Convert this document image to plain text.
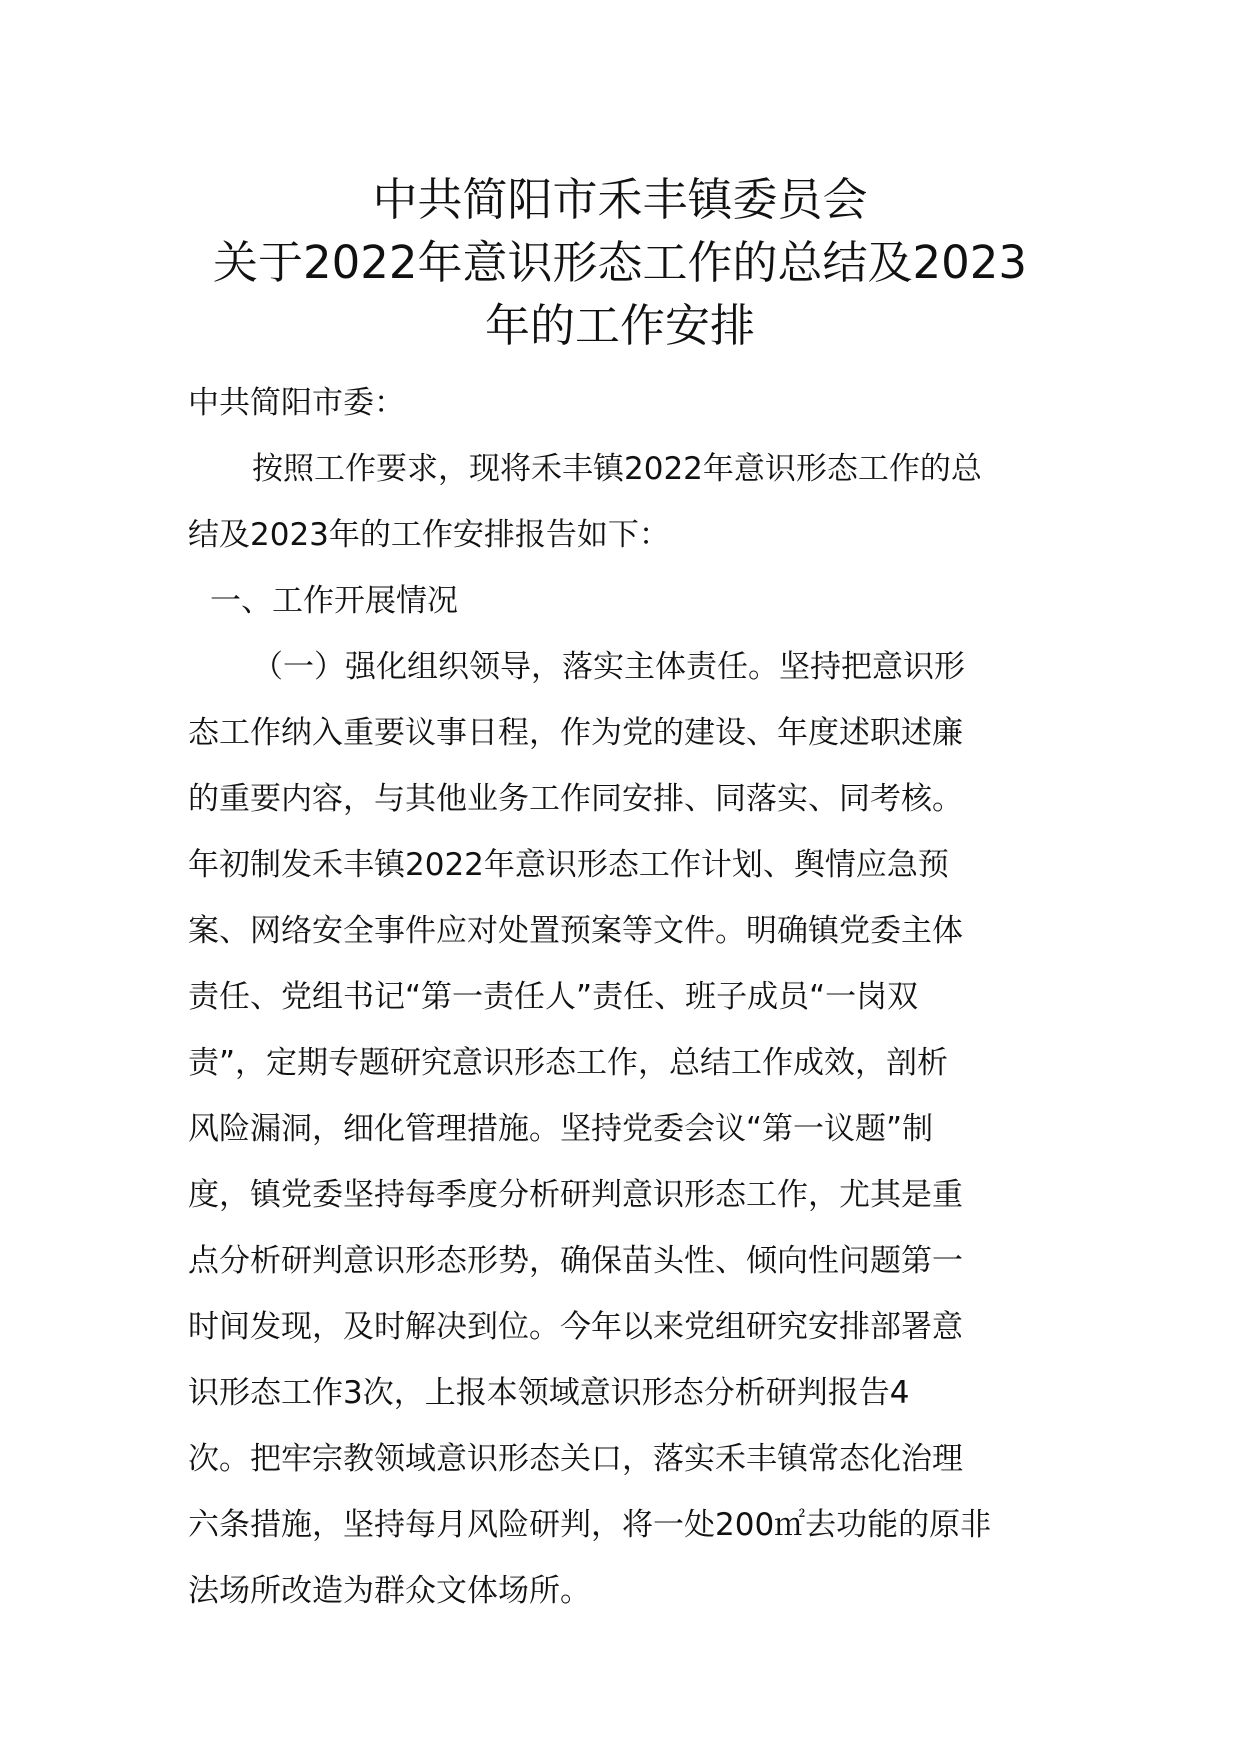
中共简阳市禾丰镇委员会
关于2022年意识形态工作的总结及2023
年的工作安排
中共简阳市委：
按照工作要求，现将禾丰镇2022年意识形态工作的总
结及2023年的工作安排报告如下：
一、工作开展情况
（一）强化组织领导，落实主体责任。坚持把意识形
态工作纳入重要议事日程，作为党的建设、年度述职述廉
的重要内容，与其他业务工作同安排、同落实、同考核。
年初制发禾丰镇2022年意识形态工作计划、舆情应急预
案、网络安全事件应对处置预案等文件。明确镇党委主体
责任、党组书记“第一责任人”责任、班子成员“一岗双
责”，定期专题研究意识形态工作，总结工作成效，剖析
风险漏洞，细化管理措施。坚持党委会议“第一议题”制
度，镇党委坚持每季度分析研判意识形态工作，尤其是重
点分析研判意识形态形势，确保苗头性、倾向性问题第一
时间发现，及时解决到位。今年以来党组研究安排部署意
识形态工作3次，上报本领域意识形态分析研判报告4
次。把牢宗教领域意识形态关口，落实禾丰镇常态化治理
六条措施，坚持每月风险研判，将一处200㎡去功能的原非
法场所改造为群众文体场所。
